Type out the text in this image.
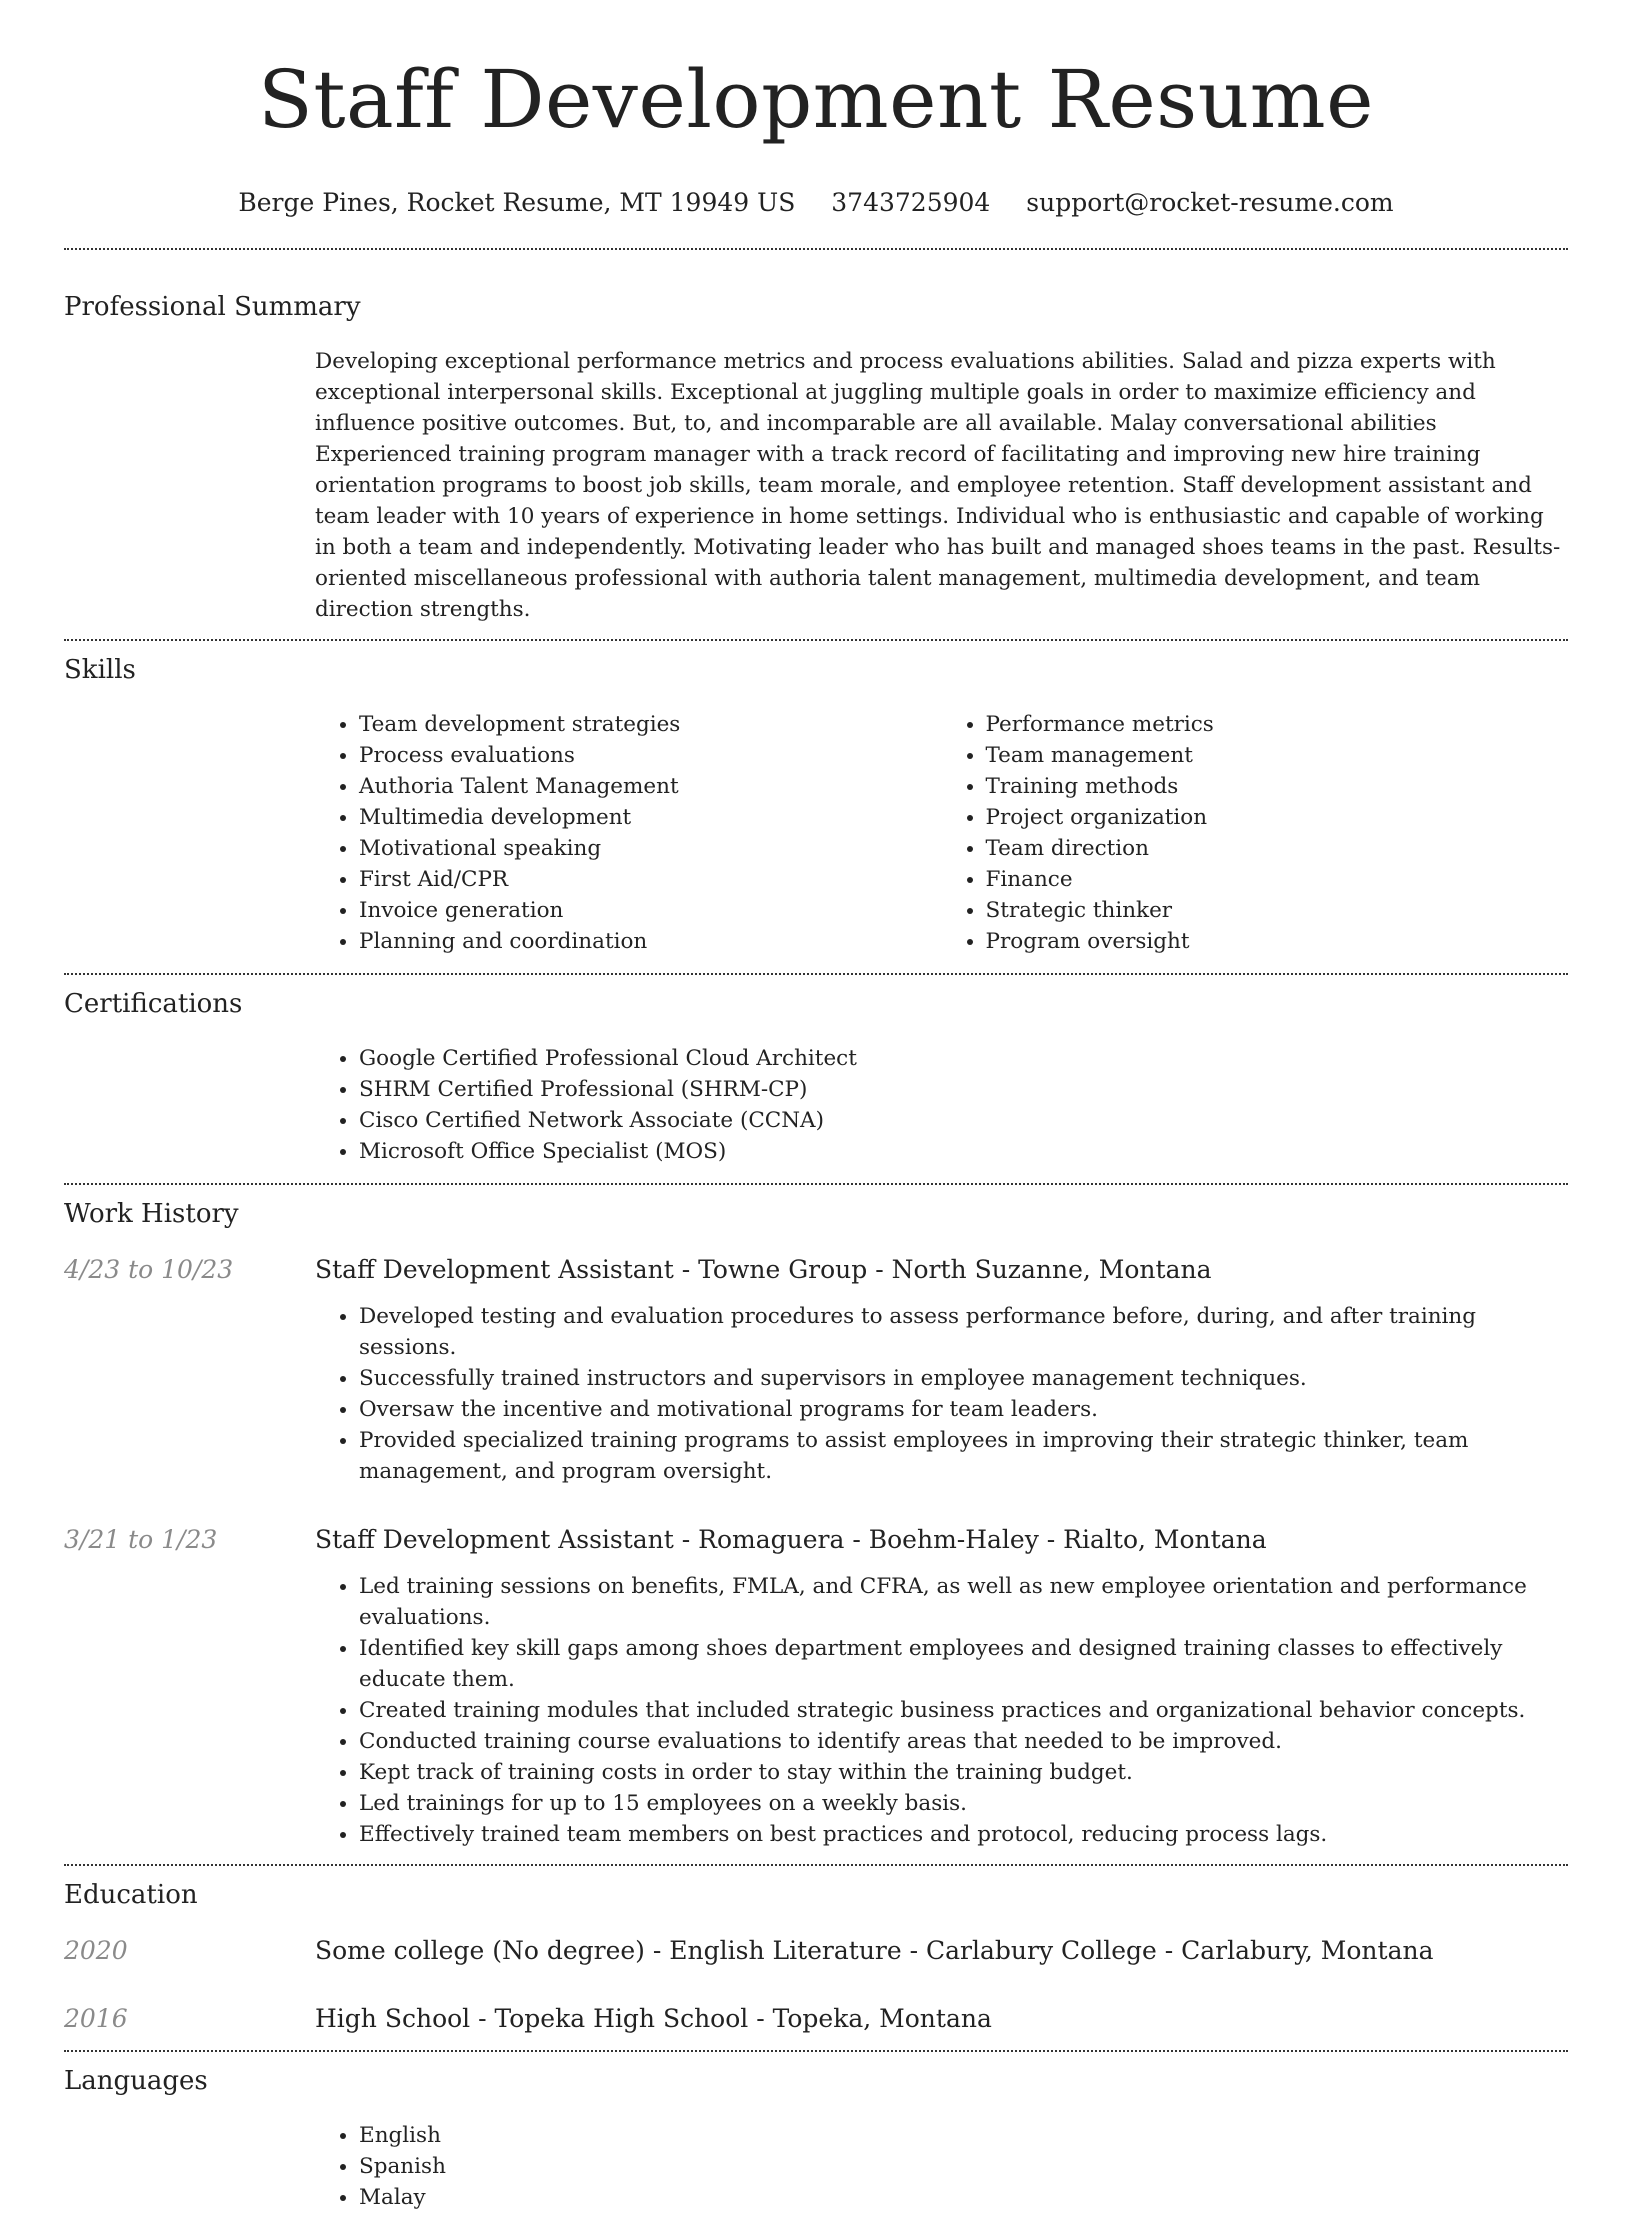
Staff Development Resume
Berge Pines, Rocket Resume, MT 19949 US 3743725904 support@rocket-resume.com
Professional Summary
Developing exceptional performance metrics and process evaluations abilities. Salad and pizza experts with exceptional interpersonal skills. Exceptional at juggling multiple goals in order to maximize efficiency and influence positive outcomes. But, to, and incomparable are all available. Malay conversational abilities Experienced training program manager with a track record of facilitating and improving new hire training orientation programs to boost job skills, team morale, and employee retention. Staff development assistant and team leader with 10 years of experience in home settings. Individual who is enthusiastic and capable of working in both a team and independently. Motivating leader who has built and managed shoes teams in the past. Results-oriented miscellaneous professional with authoria talent management, multimedia development, and team direction strengths.
Skills
• Team development strategies
• Process evaluations
• Authoria Talent Management
• Multimedia development
• Motivational speaking
• First Aid/CPR
• Invoice generation
• Planning and coordination
• Performance metrics
• Team management
• Training methods
• Project organization
• Team direction
• Finance
• Strategic thinker
• Program oversight
Certifications
• Google Certified Professional Cloud Architect
• SHRM Certified Professional (SHRM-CP)
• Cisco Certified Network Associate (CCNA)
• Microsoft Office Specialist (MOS)
Work History
4/23 to 10/23	Staff Development Assistant - Towne Group - North Suzanne, Montana
• Developed testing and evaluation procedures to assess performance before, during, and after training sessions.
• Successfully trained instructors and supervisors in employee management techniques.
• Oversaw the incentive and motivational programs for team leaders.
• Provided specialized training programs to assist employees in improving their strategic thinker, team management, and program oversight.
3/21 to 1/23	Staff Development Assistant - Romaguera - Boehm-Haley - Rialto, Montana
• Led training sessions on benefits, FMLA, and CFRA, as well as new employee orientation and performance evaluations.
• Identified key skill gaps among shoes department employees and designed training classes to effectively educate them.
• Created training modules that included strategic business practices and organizational behavior concepts.
• Conducted training course evaluations to identify areas that needed to be improved.
• Kept track of training costs in order to stay within the training budget.
• Led trainings for up to 15 employees on a weekly basis.
• Effectively trained team members on best practices and protocol, reducing process lags.
Education
2020	Some college (No degree) - English Literature - Carlabury College - Carlabury, Montana
2016	High School - Topeka High School - Topeka, Montana
Languages
• English
• Spanish
• Malay
